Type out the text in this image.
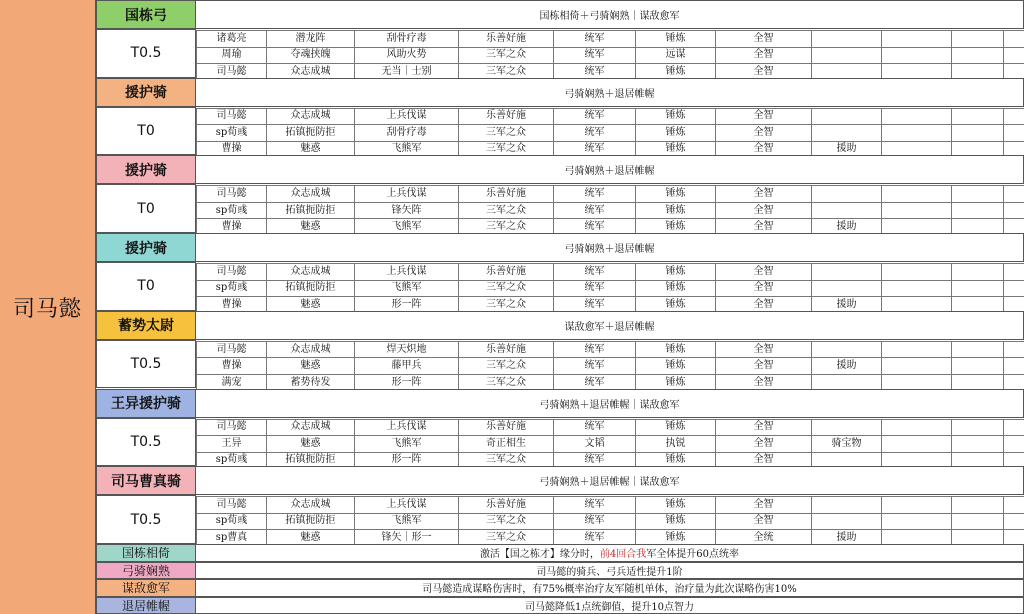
司马懿
国栋弓	国栋相倚＋弓骑娴熟｜谋敌愈军
T0.5
诸葛亮	潜龙阵	刮骨疗毒	乐善好施	统军	锤炼	全智						
周瑜	夺魂挟魄	风助火势	三军之众	统军	远谋	全智						
司马懿	众志成城	无当｜士别	三军之众	统军	锤炼	全智						
援护骑	弓骑娴熟＋退居帷幄
T0
司马懿	众志成城	上兵伐谋	乐善好施	统军	锤炼	全智						
sp荀彧	拓镇扼防拒	刮骨疗毒	三军之众	统军	锤炼	全智						
曹操	魅惑	飞熊军	三军之众	统军	锤炼	全智	援助					
援护骑	弓骑娴熟＋退居帷幄
T0
司马懿	众志成城	上兵伐谋	乐善好施	统军	锤炼	全智						
sp荀彧	拓镇扼防拒	锋矢阵	三军之众	统军	锤炼	全智						
曹操	魅惑	飞熊军	三军之众	统军	锤炼	全智	援助					
援护骑	弓骑娴熟＋退居帷幄
T0
司马懿	众志成城	上兵伐谋	乐善好施	统军	锤炼	全智						
sp荀彧	拓镇扼防拒	飞熊军	三军之众	统军	锤炼	全智						
曹操	魅惑	形一阵	三军之众	统军	锤炼	全智	援助					
蓄势太尉	谋敌愈军＋退居帷幄
T0.5
司马懿	众志成城	焊天炽地	乐善好施	统军	锤炼	全智						
曹操	魅惑	藤甲兵	三军之众	统军	锤炼	全智	援助					
满宠	蓄势待发	形一阵	三军之众	统军	锤炼	全智						
王异援护骑	弓骑娴熟＋退居帷幄｜谋敌愈军
T0.5
司马懿	众志成城	上兵伐谋	乐善好施	统军	锤炼	全智						
王异	魅惑	飞熊军	奇正相生	文韬	执锐	全智	骑宝物					
sp荀彧	拓镇扼防拒	形一阵	三军之众	统军	锤炼	全智						
司马曹真骑	弓骑娴熟＋退居帷幄｜谋敌愈军
T0.5
司马懿	众志成城	上兵伐谋	乐善好施	统军	锤炼	全智						
sp荀彧	拓镇扼防拒	飞熊军	三军之众	统军	锤炼	全智						
sp曹真	魅惑	锋矢｜形一	三军之众	统军	锤炼	全统	援助					
国栋相倚	激活【国之栋才】缘分时， 前4回合我 军全体提升60点统率
弓骑娴熟	司马懿的骑兵、弓兵适性提升1阶
谋敌愈军	司马懿造成谋略伤害时，有75%概率治疗友军随机单体，治疗量为此次谋略伤害10%
退居帷幄	司马懿降低1点统御值，提升10点智力
